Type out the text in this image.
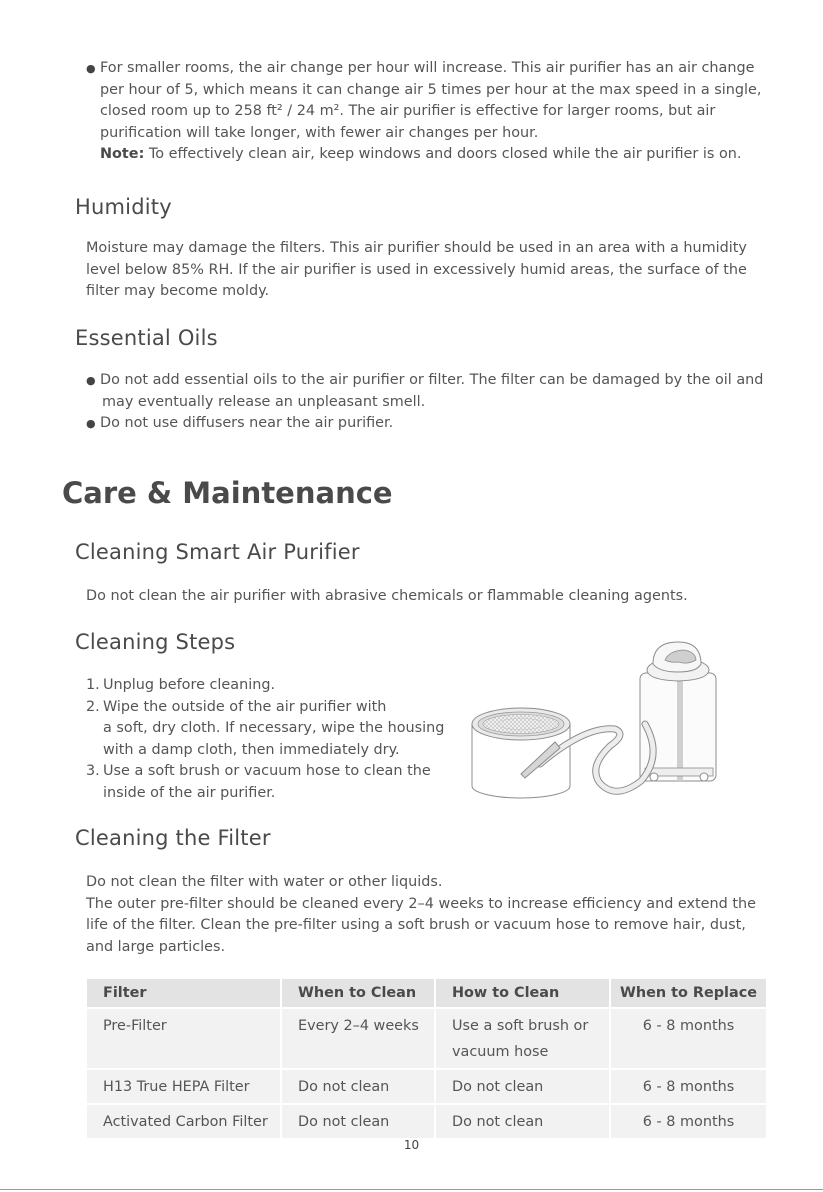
● For smaller rooms, the air change per hour will increase. This air purifier has an air change

per hour of 5, which means it can change air 5 times per hour at the max speed in a single,

closed room up to 258 ft² / 24 m². The air purifier is effective for larger rooms, but air

purification will take longer, with fewer air changes per hour.

Note: To effectively clean air, keep windows and doors closed while the air purifier is on.

Humidity

Moisture may damage the filters. This air purifier should be used in an area with a humidity

level below 85% RH. If the air purifier is used in excessively humid areas, the surface of the

filter may become moldy.

Essential Oils
● Do not add essential oils to the air purifier or filter. The filter can be damaged by the oil and

may eventually release an unpleasant smell.

● Do not use diffusers near the air purifier.

Care & Maintenance
Cleaning Smart Air Purifier

Do not clean the air purifier with abrasive chemicals or flammable cleaning agents.

Cleaning Steps
1. Unplug before cleaning.

2. Wipe the outside of the air purifier with

a soft, dry cloth. If necessary, wipe the housing

with a damp cloth, then immediately dry.

3. Use a soft brush or vacuum hose to clean the

inside of the air purifier.

Cleaning the Filter

Do not clean the filter with water or other liquids.

The outer pre-filter should be cleaned every 2–4 weeks to increase efficiency and extend the

life of the filter. Clean the pre-filter using a soft brush or vacuum hose to remove hair, dust,

and large particles.

Filter	When to Clean	How to Clean	When to Replace
Pre-Filter	Every 2–4 weeks	Use a soft brush or vacuum hose	6 - 8 months
H13 True HEPA Filter	Do not clean	Do not clean	6 - 8 months
Activated Carbon Filter	Do not clean	Do not clean	6 - 8 months
10
